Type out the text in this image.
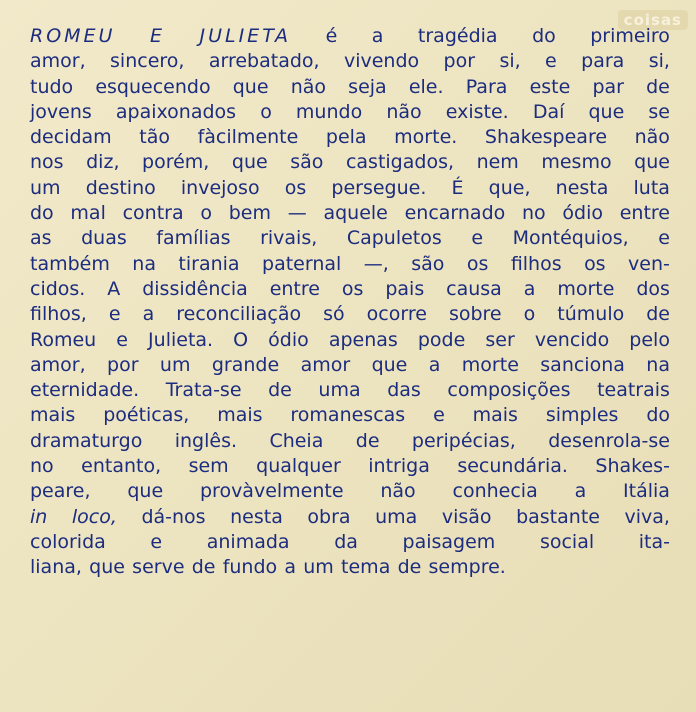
coisas
ROMEU E JULIETA é a tragédia do primeiro
amor, sincero, arrebatado, vivendo por si, e para si,
tudo esquecendo que não seja ele. Para este par de
jovens apaixonados o mundo não existe. Daí que se
decidam tão fàcilmente pela morte. Shakespeare não
nos diz, porém, que são castigados, nem mesmo que
um destino invejoso os persegue. É que, nesta luta
do mal contra o bem — aquele encarnado no ódio entre
as duas famílias rivais, Capuletos e Montéquios, e
também na tirania paternal —, são os filhos os ven-
cidos. A dissidência entre os pais causa a morte dos
filhos, e a reconciliação só ocorre sobre o túmulo de
Romeu e Julieta. O ódio apenas pode ser vencido pelo
amor, por um grande amor que a morte sanciona na
eternidade. Trata-se de uma das composições teatrais
mais poéticas, mais romanescas e mais simples do
dramaturgo inglês. Cheia de peripécias, desenrola-se
no entanto, sem qualquer intriga secundária. Shakes-
peare, que provàvelmente não conhecia a Itália
in loco, dá-nos nesta obra uma visão bastante viva,
colorida e animada da paisagem social ita-
liana, que serve de fundo a um tema de sempre.
